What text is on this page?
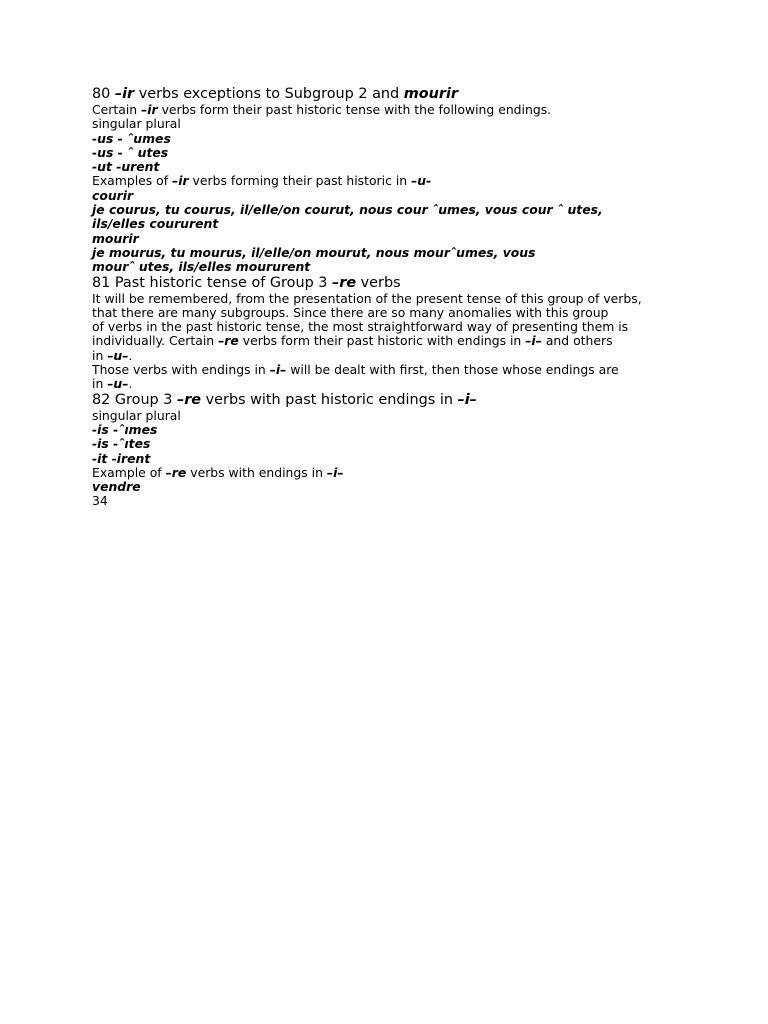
80 –ir verbs exceptions to Subgroup 2 and mourir
Certain –ir verbs form their past historic tense with the following endings.
singular plural
-us - ˆumes
-us - ˆ utes
-ut -urent
Examples of –ir verbs forming their past historic in –u-
courir
je courus, tu courus, il/elle/on courut, nous cour ˆumes, vous cour ˆ utes,
ils/elles coururent
mourir
je mourus, tu mourus, il/elle/on mourut, nous mourˆumes, vous
mourˆ utes, ils/elles moururent
81 Past historic tense of Group 3 –re verbs
It will be remembered, from the presentation of the present tense of this group of verbs,
that there are many subgroups. Since there are so many anomalies with this group
of verbs in the past historic tense, the most straightforward way of presenting them is
individually. Certain –re verbs form their past historic with endings in –i– and others
in –u–.
Those verbs with endings in –i– will be dealt with first, then those whose endings are
in –u–.
82 Group 3 –re verbs with past historic endings in –i–
singular plural
-is -ˆımes
-is -ˆıtes
-it -irent
Example of –re verbs with endings in –i–
vendre
34
